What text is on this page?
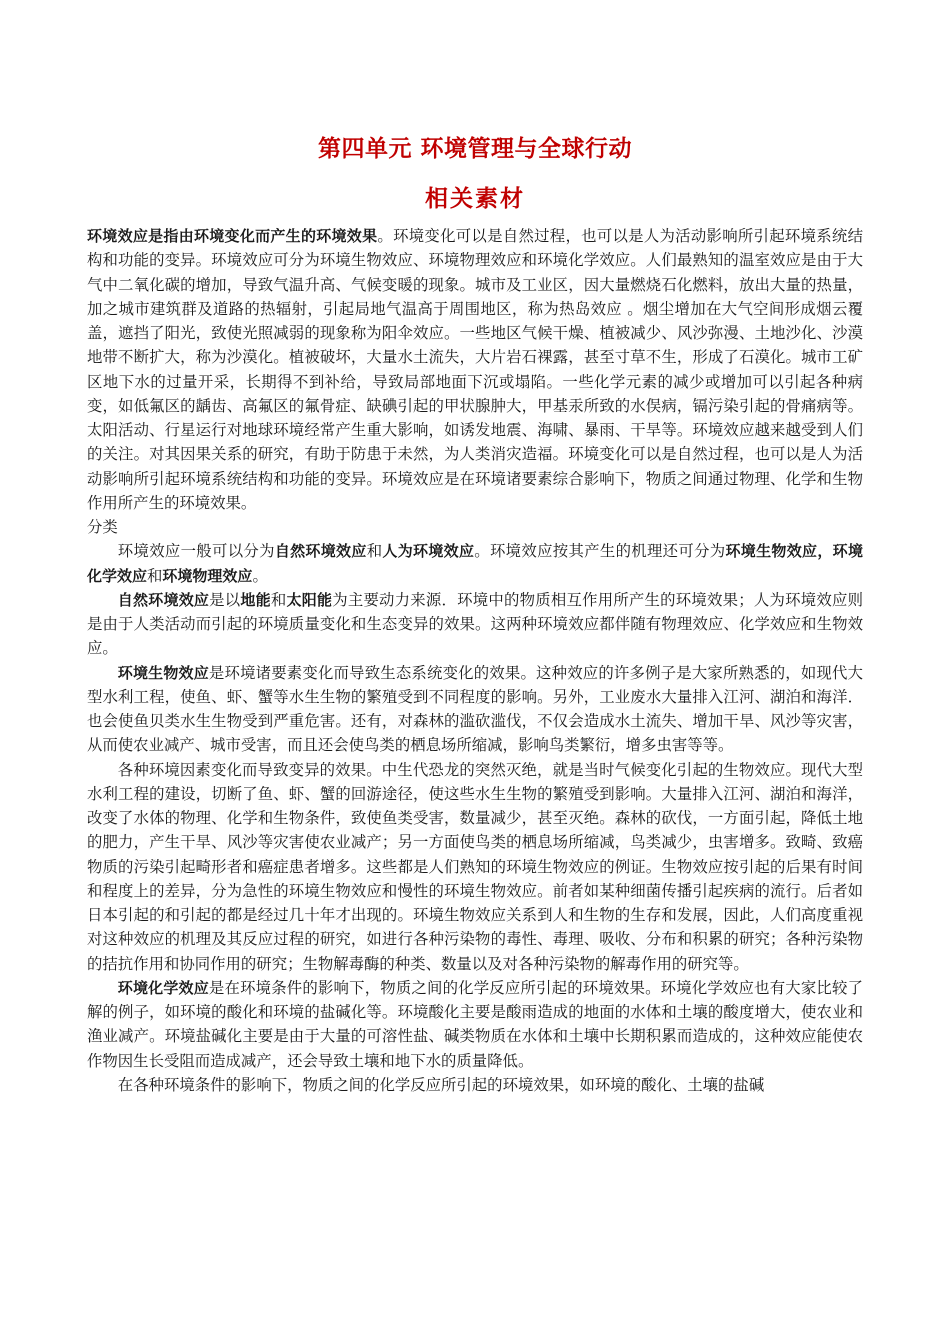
第四单元 环境管理与全球行动
相关素材

环境效应是指由环境变化而产生的环境效果。环境变化可以是自然过程，也可以是人为活动影响所引起环境系统结构和功能的变异。环境效应可分为环境生物效应、环境物理效应和环境化学效应。人们最熟知的温室效应是由于大气中二氧化碳的增加，导致气温升高、气候变暖的现象。城市及工业区，因大量燃烧石化燃料，放出大量的热量，加之城市建筑群及道路的热辐射，引起局地气温高于周围地区，称为热岛效应 。烟尘增加在大气空间形成烟云覆盖，遮挡了阳光，致使光照减弱的现象称为阳伞效应。一些地区气候干燥、植被减少、风沙弥漫、土地沙化、沙漠地带不断扩大，称为沙漠化。植被破坏，大量水土流失，大片岩石裸露，甚至寸草不生，形成了石漠化。城市工矿区地下水的过量开采，长期得不到补给，导致局部地面下沉或塌陷。一些化学元素的减少或增加可以引起各种病变，如低氟区的龋齿、高氟区的氟骨症、缺碘引起的甲状腺肿大，甲基汞所致的水俣病，镉污染引起的骨痛病等。太阳活动、行星运行对地球环境经常产生重大影响，如诱发地震、海啸、暴雨、干旱等。环境效应越来越受到人们的关注。对其因果关系的研究，有助于防患于未然，为人类消灾造福。环境变化可以是自然过程，也可以是人为活动影响所引起环境系统结构和功能的变异。环境效应是在环境诸要素综合影响下，物质之间通过物理、化学和生物作用所产生的环境效果。

分类

环境效应一般可以分为自然环境效应和人为环境效应。环境效应按其产生的机理还可分为环境生物效应，环境化学效应和环境物理效应。

自然环境效应是以地能和太阳能为主要动力来源．环境中的物质相互作用所产生的环境效果；人为环境效应则是由于人类活动而引起的环境质量变化和生态变异的效果。这两种环境效应都伴随有物理效应、化学效应和生物效应。

环境生物效应是环境诸要素变化而导致生态系统变化的效果。这种效应的许多例子是大家所熟悉的，如现代大型水利工程，使鱼、虾、蟹等水生生物的繁殖受到不同程度的影响。另外，工业废水大量排入江河、湖泊和海洋．也会使鱼贝类水生生物受到严重危害。还有，对森林的滥砍滥伐，不仅会造成水土流失、增加干旱、风沙等灾害，从而使农业减产、城市受害，而且还会使鸟类的栖息场所缩减，影响鸟类繁衍，增多虫害等等。

各种环境因素变化而导致变异的效果。中生代恐龙的突然灭绝，就是当时气候变化引起的生物效应。现代大型水利工程的建设，切断了鱼、虾、蟹的回游途径，使这些水生生物的繁殖受到影响。大量排入江河、湖泊和海洋，改变了水体的物理、化学和生物条件，致使鱼类受害，数量减少，甚至灭绝。森林的砍伐，一方面引起，降低土地的肥力，产生干旱、风沙等灾害使农业减产；另一方面使鸟类的栖息场所缩减，鸟类减少，虫害增多。致畸、致癌物质的污染引起畸形者和癌症患者增多。这些都是人们熟知的环境生物效应的例证。生物效应按引起的后果有时间和程度上的差异，分为急性的环境生物效应和慢性的环境生物效应。前者如某种细菌传播引起疾病的流行。后者如日本引起的和引起的都是经过几十年才出现的。环境生物效应关系到人和生物的生存和发展，因此，人们高度重视对这种效应的机理及其反应过程的研究，如进行各种污染物的毒性、毒理、吸收、分布和积累的研究；各种污染物的拮抗作用和协同作用的研究；生物解毒酶的种类、数量以及对各种污染物的解毒作用的研究等。

环境化学效应是在环境条件的影响下，物质之间的化学反应所引起的环境效果。环境化学效应也有大家比较了解的例子，如环境的酸化和环境的盐碱化等。环境酸化主要是酸雨造成的地面的水体和土壤的酸度增大，使农业和渔业减产。环境盐碱化主要是由于大量的可溶性盐、碱类物质在水体和土壤中长期积累而造成的，这种效应能使农作物因生长受阻而造成减产，还会导致土壤和地下水的质量降低。

在各种环境条件的影响下，物质之间的化学反应所引起的环境效果，如环境的酸化、土壤的盐碱
